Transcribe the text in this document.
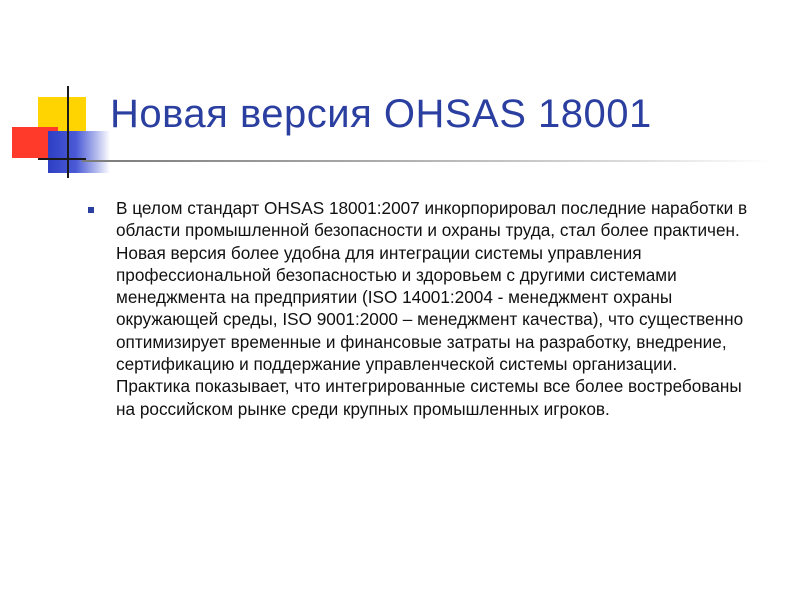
Новая версия OHSAS 18001
В целом стандарт OHSAS 18001:2007 инкорпорировал последние наработки в области промышленной безопасности и охраны труда, стал более практичен. Новая версия более удобна для интеграции системы управления профессиональной безопасностью и здоровьем с другими системами менеджмента на предприятии (ISO 14001:2004 - менеджмент охраны окружающей среды, ISO 9001:2000 – менеджмент качества), что существенно оптимизирует временные и финансовые затраты на разработку, внедрение, сертификацию и поддержание управленческой системы организации. Практика показывает, что интегрированные системы все более востребованы на российском рынке среди крупных промышленных игроков.
